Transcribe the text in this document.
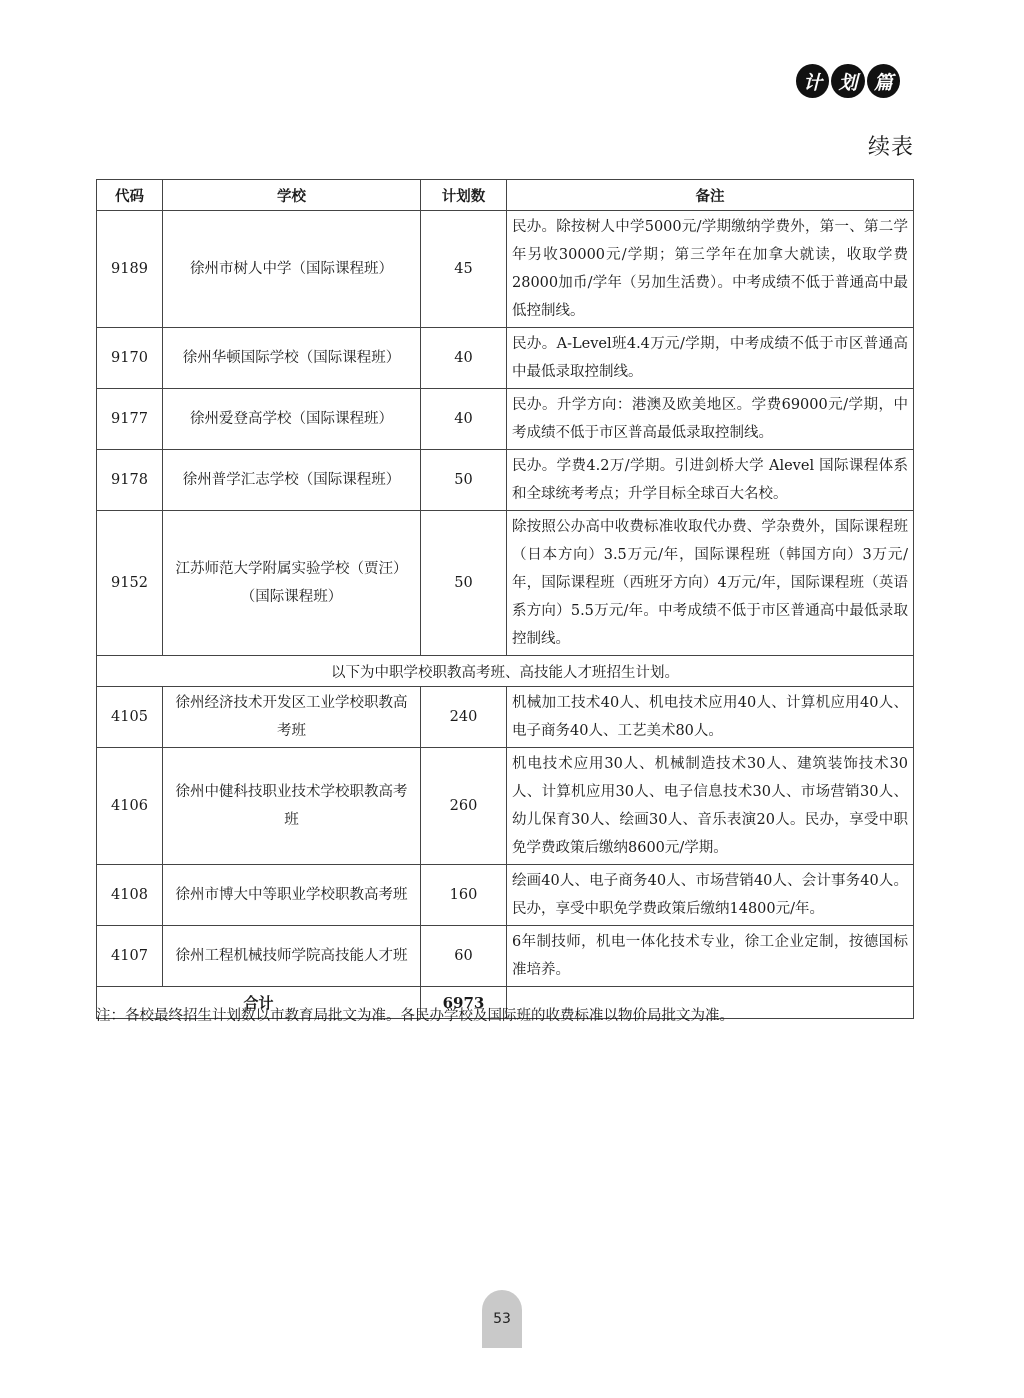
计 划 篇
续表
代码	学校	计划数	备注
9189	徐州市树人中学（国际课程班）	45	民办。除按树人中学5000元/学期缴纳学费外，第一、第二学年另收30000元/学期；第三学年在加拿大就读，收取学费28000加币/学年（另加生活费）。中考成绩不低于普通高中最低控制线。
9170	徐州华顿国际学校（国际课程班）	40	民办。A-Level班4.4万元/学期，中考成绩不低于市区普通高中最低录取控制线。
9177	徐州爱登高学校（国际课程班）	40	民办。升学方向：港澳及欧美地区。学费69000元/学期，中考成绩不低于市区普高最低录取控制线。
9178	徐州普学汇志学校（国际课程班）	50	民办。学费4.2万/学期。引进剑桥大学 Alevel 国际课程体系和全球统考考点；升学目标全球百大名校。
9152	江苏师范大学附属实验学校（贾汪）（国际课程班）	50	除按照公办高中收费标准收取代办费、学杂费外，国际课程班（日本方向）3.5万元/年，国际课程班（韩国方向）3万元/年，国际课程班（西班牙方向）4万元/年，国际课程班（英语系方向）5.5万元/年。中考成绩不低于市区普通高中最低录取控制线。
以下为中职学校职教高考班、高技能人才班招生计划。			
4105	徐州经济技术开发区工业学校职教高考班	240	机械加工技术40人、机电技术应用40人、计算机应用40人、电子商务40人、工艺美术80人。
4106	徐州中健科技职业技术学校职教高考班	260	机电技术应用30人、机械制造技术30人、建筑装饰技术30人、计算机应用30人、电子信息技术30人、市场营销30人、幼儿保育30人、绘画30人、音乐表演20人。民办，享受中职免学费政策后缴纳8600元/学期。
4108	徐州市博大中等职业学校职教高考班	160	绘画40人、电子商务40人、市场营销40人、会计事务40人。民办，享受中职免学费政策后缴纳14800元/年。
4107	徐州工程机械技师学院高技能人才班	60	6年制技师，机电一体化技术专业，徐工企业定制，按德国标准培养。
合计		6973	
注：各校最终招生计划数以市教育局批文为准。各民办学校及国际班的收费标准以物价局批文为准。
53
